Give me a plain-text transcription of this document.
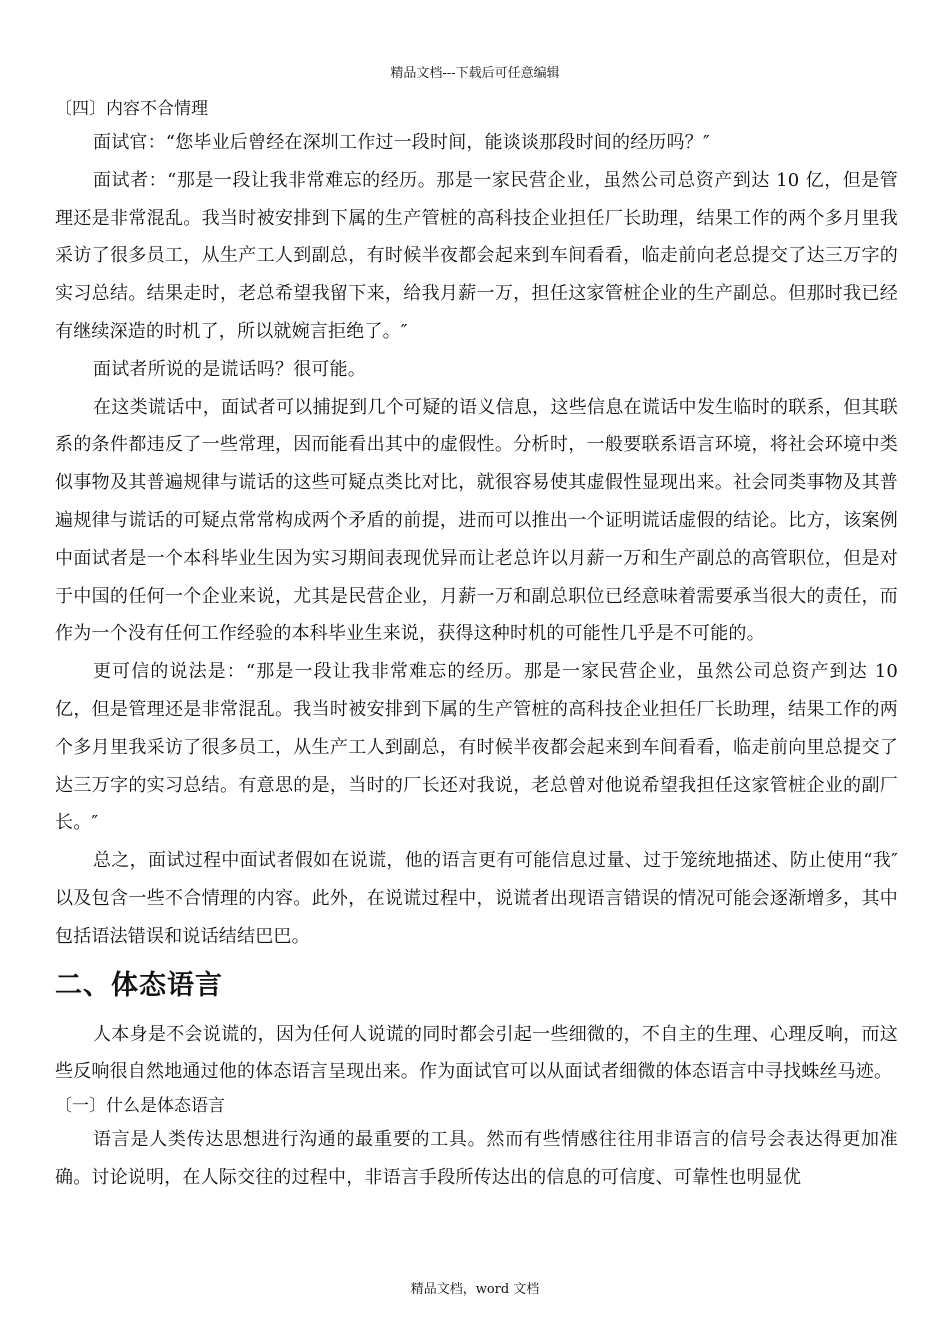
精品文档---下载后可任意编辑

〔四〕内容不合情理

面试官：“您毕业后曾经在深圳工作过一段时间，能谈谈那段时间的经历吗？″

面试者：“那是一段让我非常难忘的经历。那是一家民营企业，虽然公司总资产到达 10 亿，但是管理还是非常混乱。我当时被安排到下属的生产管桩的高科技企业担任厂长助理，结果工作的两个多月里我采访了很多员工，从生产工人到副总，有时候半夜都会起来到车间看看，临走前向老总提交了达三万字的实习总结。结果走时，老总希望我留下来，给我月薪一万，担任这家管桩企业的生产副总。但那时我已经有继续深造的时机了，所以就婉言拒绝了。″

面试者所说的是谎话吗？很可能。

在这类谎话中，面试者可以捕捉到几个可疑的语义信息，这些信息在谎话中发生临时的联系，但其联系的条件都违反了一些常理，因而能看出其中的虚假性。分析时，一般要联系语言环境，将社会环境中类似事物及其普遍规律与谎话的这些可疑点类比对比，就很容易使其虚假性显现出来。社会同类事物及其普遍规律与谎话的可疑点常常构成两个矛盾的前提，进而可以推出一个证明谎话虚假的结论。比方，该案例中面试者是一个本科毕业生因为实习期间表现优异而让老总许以月薪一万和生产副总的高管职位，但是对于中国的任何一个企业来说，尤其是民营企业，月薪一万和副总职位已经意味着需要承当很大的责任，而作为一个没有任何工作经验的本科毕业生来说，获得这种时机的可能性几乎是不可能的。

更可信的说法是：“那是一段让我非常难忘的经历。那是一家民营企业，虽然公司总资产到达 10 亿，但是管理还是非常混乱。我当时被安排到下属的生产管桩的高科技企业担任厂长助理，结果工作的两个多月里我采访了很多员工，从生产工人到副总，有时候半夜都会起来到车间看看，临走前向里总提交了达三万字的实习总结。有意思的是，当时的厂长还对我说，老总曾对他说希望我担任这家管桩企业的副厂长。″

总之，面试过程中面试者假如在说谎，他的语言更有可能信息过量、过于笼统地描述、防止使用“我″以及包含一些不合情理的内容。此外，在说谎过程中，说谎者出现语言错误的情况可能会逐渐增多，其中包括语法错误和说话结结巴巴。

二、体态语言

人本身是不会说谎的，因为任何人说谎的同时都会引起一些细微的，不自主的生理、心理反响，而这些反响很自然地通过他的体态语言呈现出来。作为面试官可以从面试者细微的体态语言中寻找蛛丝马迹。

〔一〕什么是体态语言

语言是人类传达思想进行沟通的最重要的工具。然而有些情感往往用非语言的信号会表达得更加准确。讨论说明，在人际交往的过程中，非语言手段所传达出的信息的可信度、可靠性也明显优

精品文档，word 文档
